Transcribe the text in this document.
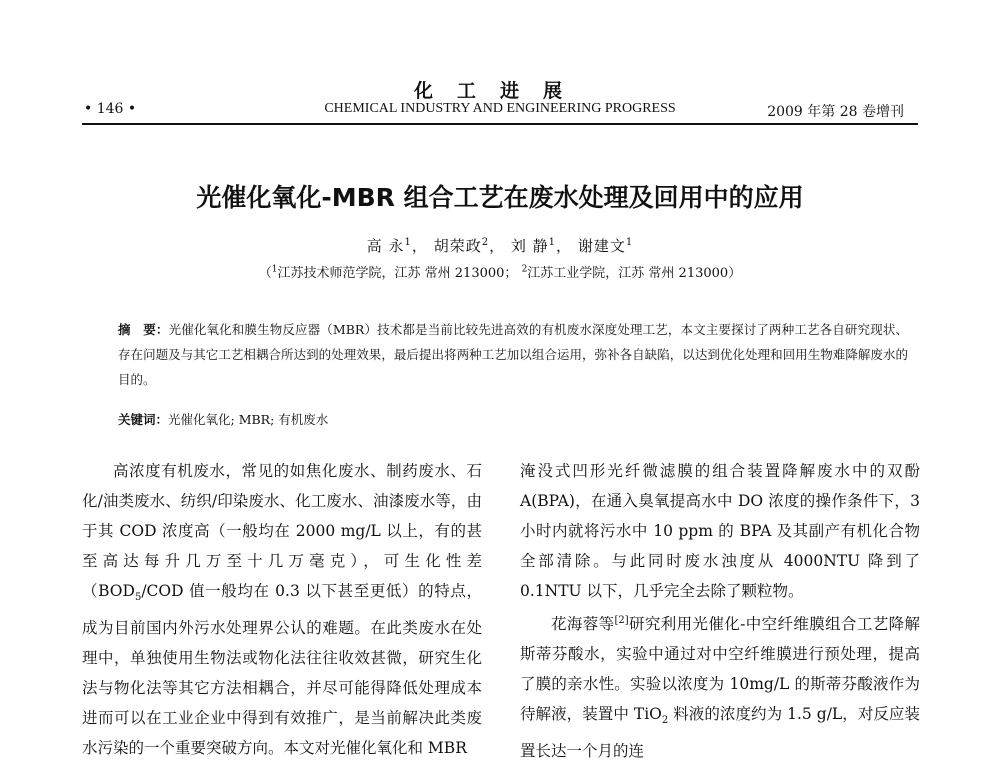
化工进展
• 146 •	CHEMICAL INDUSTRY AND ENGINEERING PROGRESS	2009 年第 28 卷增刊
光催化氧化-MBR 组合工艺在废水处理及回用中的应用
高 永$^1$， 胡荣政$^2$， 刘 静$^1$， 谢建文$^1$
（$^1$江苏技术师范学院，江苏 常州 213000； $^2$江苏工业学院，江苏 常州 213000）
摘　要：光催化氧化和膜生物反应器（MBR）技术都是当前比较先进高效的有机废水深度处理工艺，本文主要探讨了两种工艺各自研究现状、存在问题及与其它工艺相耦合所达到的处理效果，最后提出将两种工艺加以组合运用，弥补各自缺陷，以达到优化处理和回用生物难降解废水的目的。
关键词：光催化氧化; MBR; 有机废水

高浓度有机废水，常见的如焦化废水、制药废水、石化/油类废水、纺织/印染废水、化工废水、油漆废水等，由于其 COD 浓度高（一般均在 2000 mg/L 以上，有的甚至高达每升几万至十几万毫克），可生化性差（$BOD_5$/COD 值一般均在 0.3 以下甚至更低）的特点，成为目前国内外污水处理界公认的难题。在此类废水在处理中，单独使用生物法或物化法往往收效甚微，研究生化法与物化法等其它方法相耦合，并尽可能得降低处理成本进而可以在工业企业中得到有效推广，是当前解决此类废水污染的一个重要突破方向。本文对光催化氧化和 MBR

淹没式凹形光纤微滤膜的组合装置降解废水中的双酚 A(BPA)，在通入臭氧提高水中 DO 浓度的操作条件下，3 小时内就将污水中 10 ppm 的 BPA 及其副产有机化合物全部清除。与此同时废水浊度从 4000NTU 降到了 0.1NTU 以下，几乎完全去除了颗粒物。

花海蓉等[2]研究利用光催化-中空纤维膜组合工艺降解斯蒂芬酸水，实验中通过对中空纤维膜进行预处理，提高了膜的亲水性。实验以浓度为 10mg/L 的斯蒂芬酸液作为待解液，装置中 TiO$_2$ 料液的浓度约为 1.5 g/L，对反应装置长达一个月的连
